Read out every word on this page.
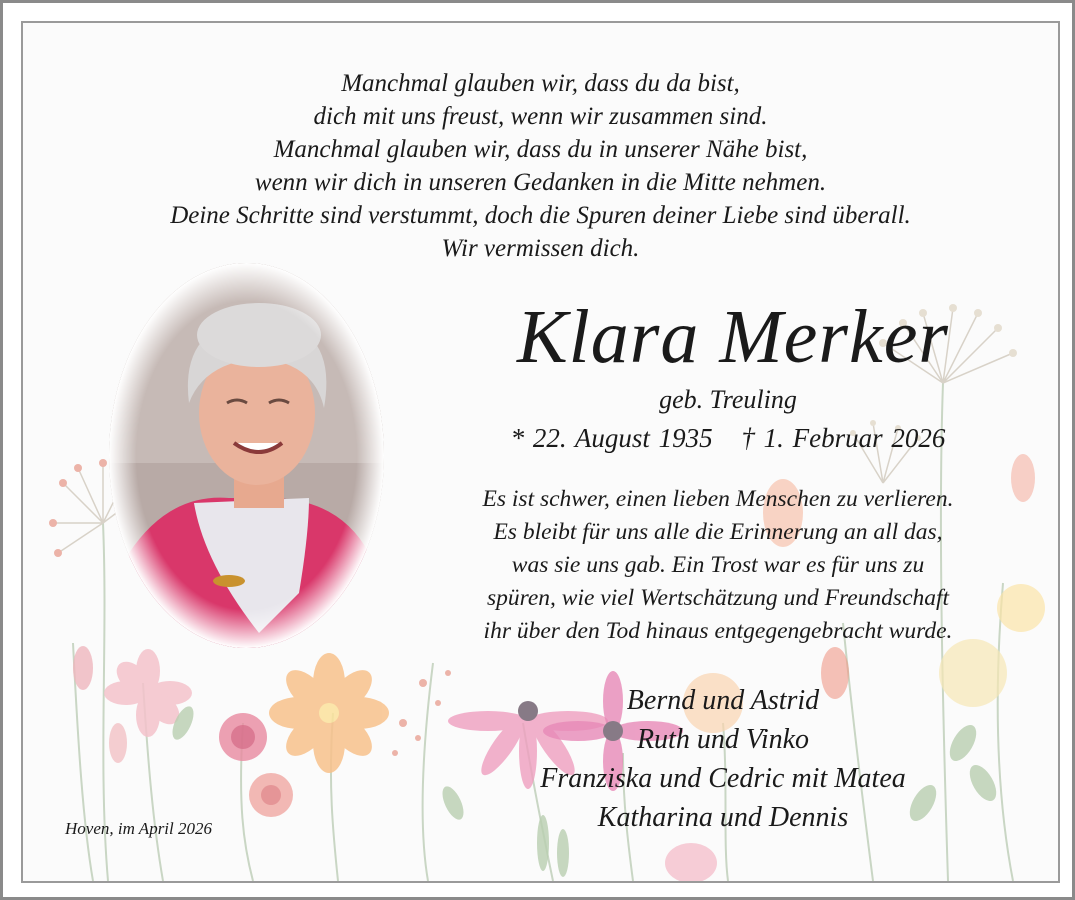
Manchmal glauben wir, dass du da bist,
dich mit uns freust, wenn wir zusammen sind.
Manchmal glauben wir, dass du in unserer Nähe bist,
wenn wir dich in unseren Gedanken in die Mitte nehmen.
Deine Schritte sind verstummt, doch die Spuren deiner Liebe sind überall.
Wir vermissen dich.
Klara Merker
geb. Treuling
* 22. August 1935 † 1. Februar 2026
Es ist schwer, einen lieben Menschen zu verlieren.
Es bleibt für uns alle die Erinnerung an all das,
was sie uns gab. Ein Trost war es für uns zu
spüren, wie viel Wertschätzung und Freundschaft
ihr über den Tod hinaus entgegengebracht wurde.
Bernd und Astrid
Ruth und Vinko
Franziska und Cedric mit Matea
Katharina und Dennis
Hoven, im April 2026
